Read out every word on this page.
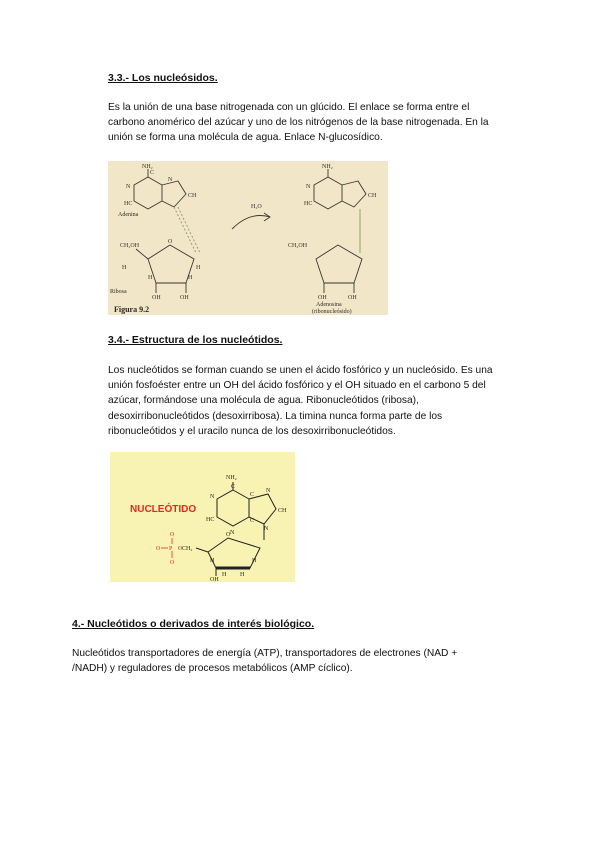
3.3.- Los nucleósidos.

Es la unión de una base nitrogenada con un glúcido. El enlace se forma entre el
carbono anomérico del azúcar y uno de los nitrógenos de la base nitrogenada. En la
unión se forma una molécula de agua. Enlace N-glucosídico.

NH₂
N
C
N
CH
HC
Adenina
H₂O
CH₂OH
O
H	H
H	H
Ribosa
OH	OH
NH₂
N
CH
HC
CH₂OH
OH	OH
Adenosina
(ribonucleósido)
Figura 9.2
3.4.- Estructura de los nucleótidos.

Los nucleótidos se forman cuando se unen el ácido fosfórico y un nucleósido. Es una
unión fosfoéster entre un OH del ácido fosfórico y el OH situado en el carbono 5 del
azúcar, formándose una molécula de agua. Ribonucleótidos (ribosa),
desoxirribonucleótidos (desoxirribosa). La timina nunca forma parte de los
ribonucleótidos y el uracilo nunca de los desoxirribonucleótidos.

NUCLEÓTIDO
NH₂
C
N	C
N
CH
HC	C
N
N
O
H	H
H H
OH
CH₂
O
O P O
O
4.- Nucleótidos o derivados de interés biológico.

Nucleótidos transportadores de energía (ATP), transportadores de electrones (NAD +
/NADH) y reguladores de procesos metabólicos (AMP cíclico).
